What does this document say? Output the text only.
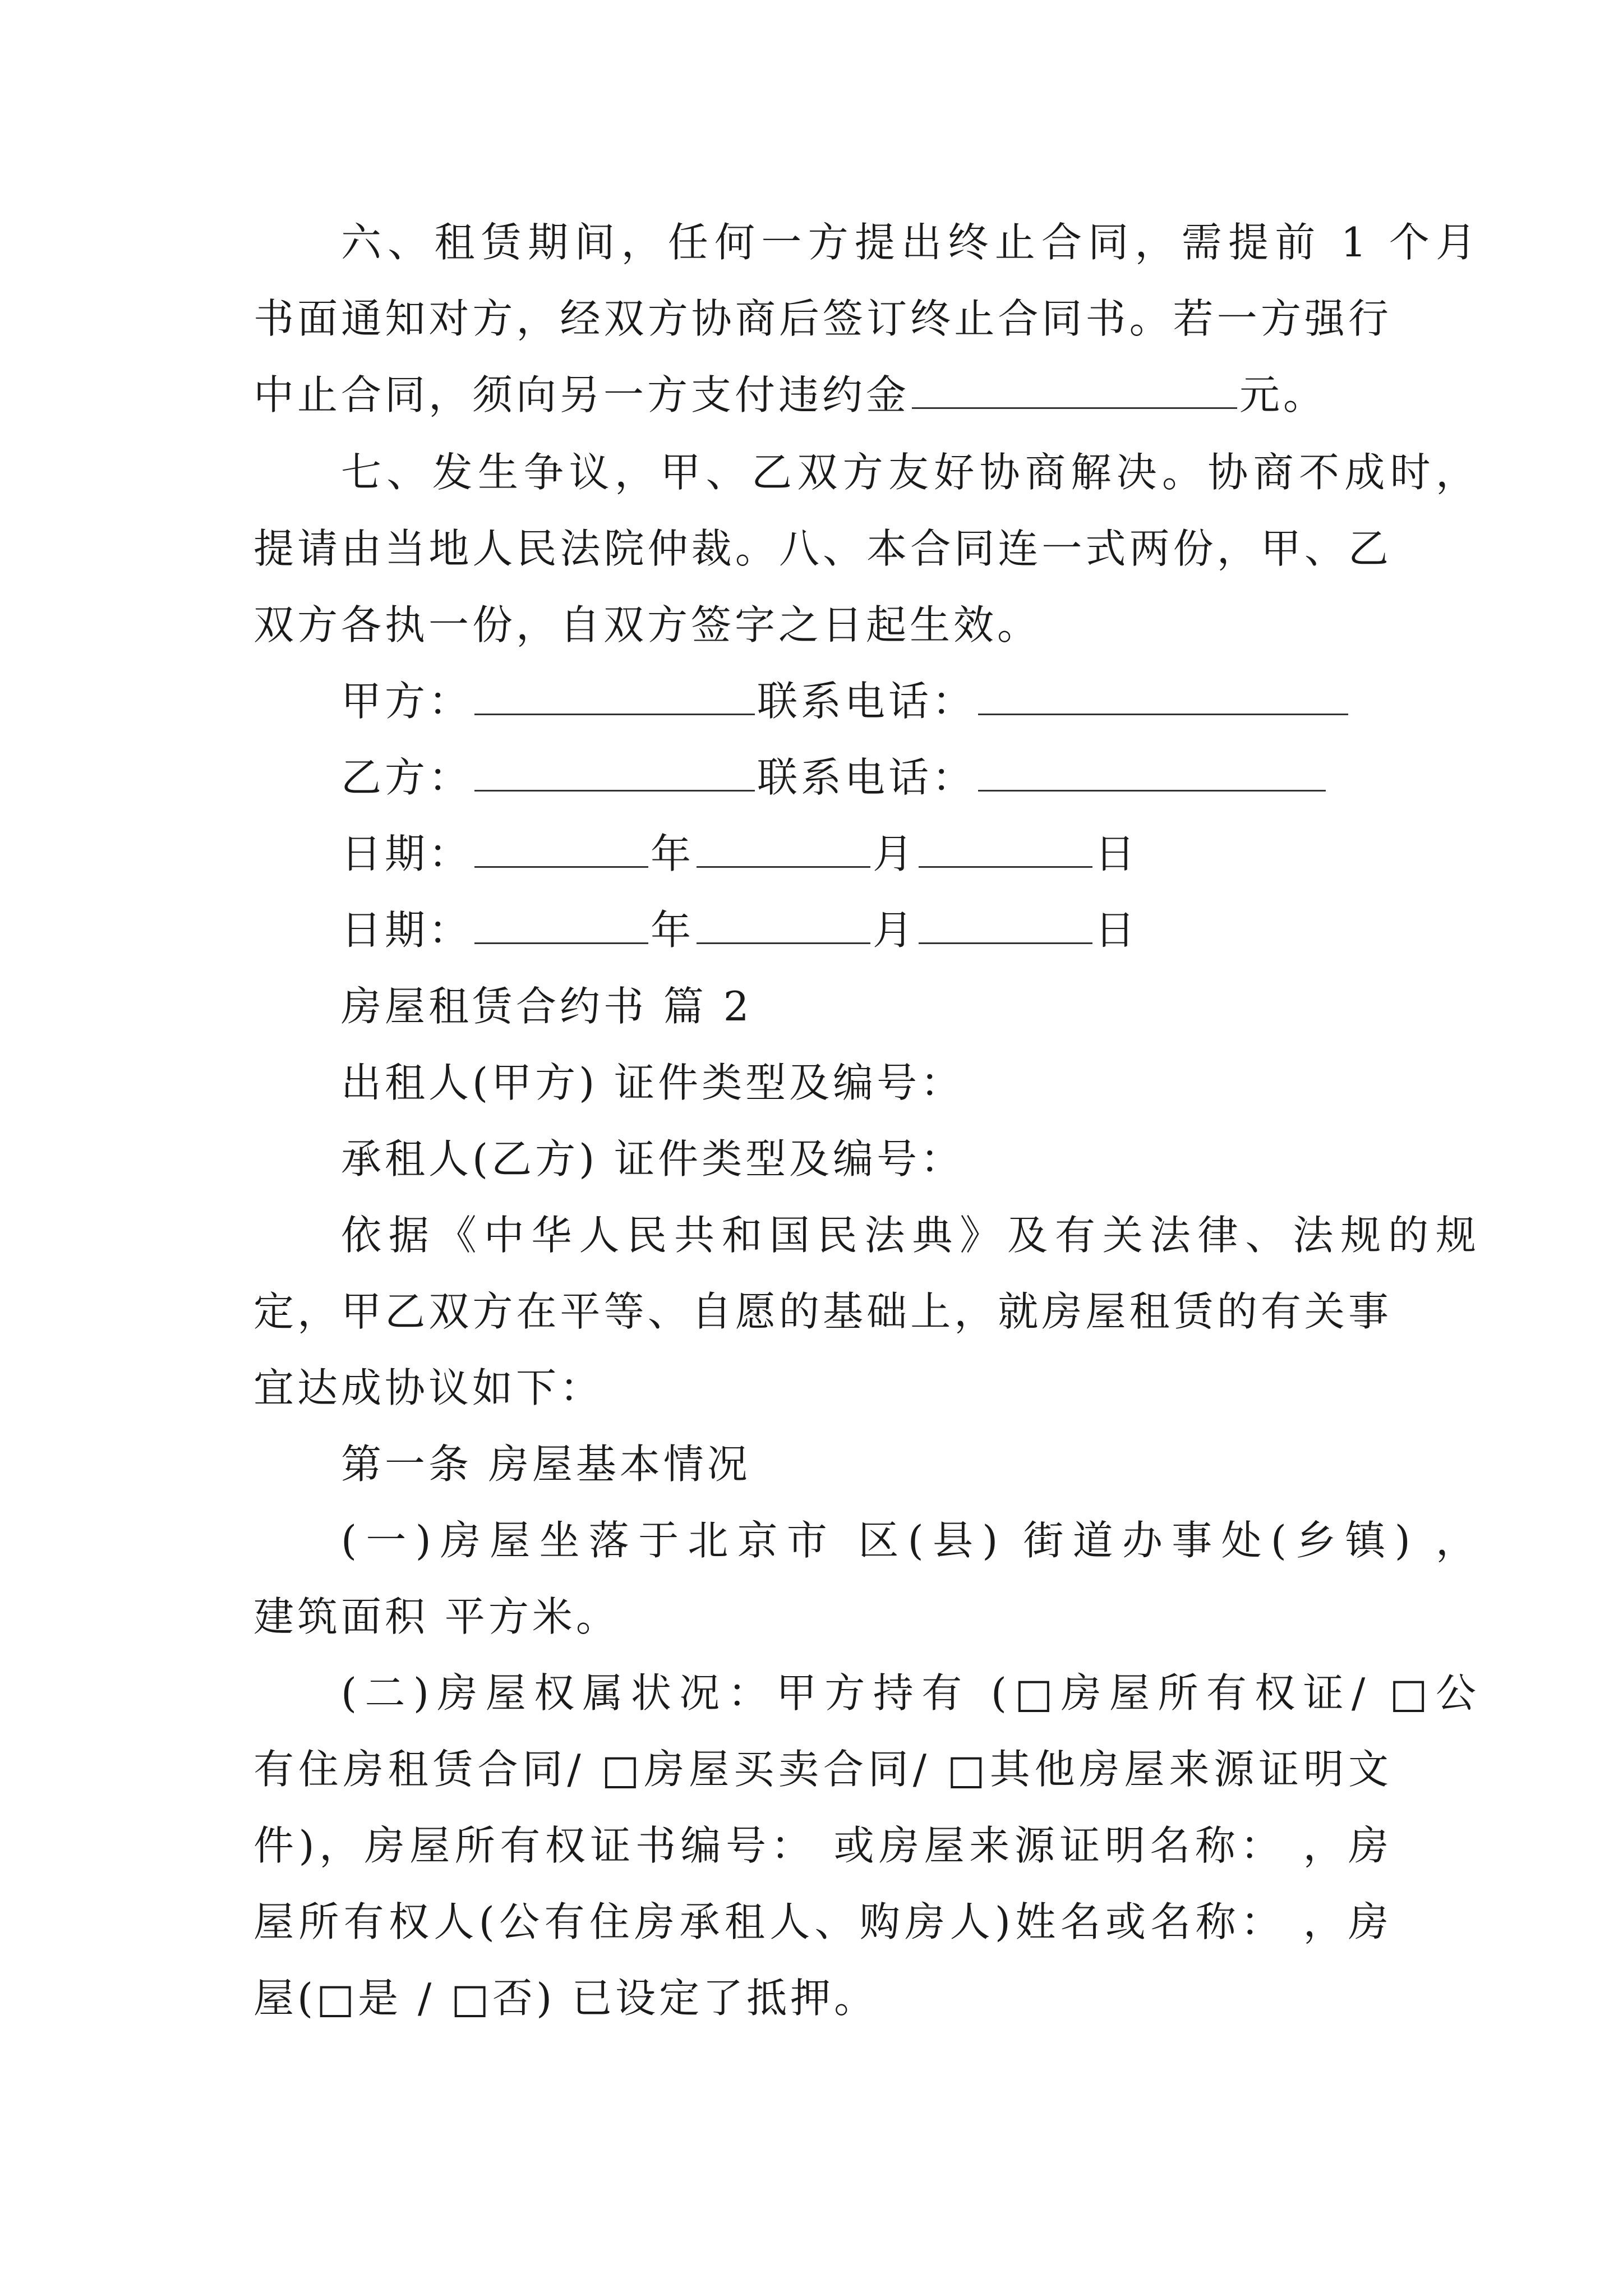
六、租赁期间，任何一方提出终止合同，需提前 1 个月
书面通知对方，经双方协商后签订终止合同书。若一方强行
中止合同，须向另一方支付违约金	元。
七、发生争议，甲、乙双方友好协商解决。协商不成时，
提请由当地人民法院仲裁。八、本合同连一式两份，甲、乙
双方各执一份，自双方签字之日起生效。
甲方：	联系电话：
乙方：	联系电话：
日期：	年	月	日
日期：	年	月	日
房屋租赁合约书 篇 2
出租人(甲方) 证件类型及编号：
承租人(乙方) 证件类型及编号：
依据《中华人民共和国民法典》及有关法律、法规的规
定，甲乙双方在平等、自愿的基础上，就房屋租赁的有关事
宜达成协议如下：
第一条 房屋基本情况
(一)房屋坐落于北京市 区(县) 街道办事处(乡镇) ，
建筑面积 平方米。
(二)房屋权属状况：甲方持有 (□房屋所有权证/ □公
有住房租赁合同/ □房屋买卖合同/ □其他房屋来源证明文
件)，房屋所有权证书编号： 或房屋来源证明名称： ，房
屋所有权人(公有住房承租人、购房人)姓名或名称： ，房
屋(□是 / □否) 已设定了抵押。
